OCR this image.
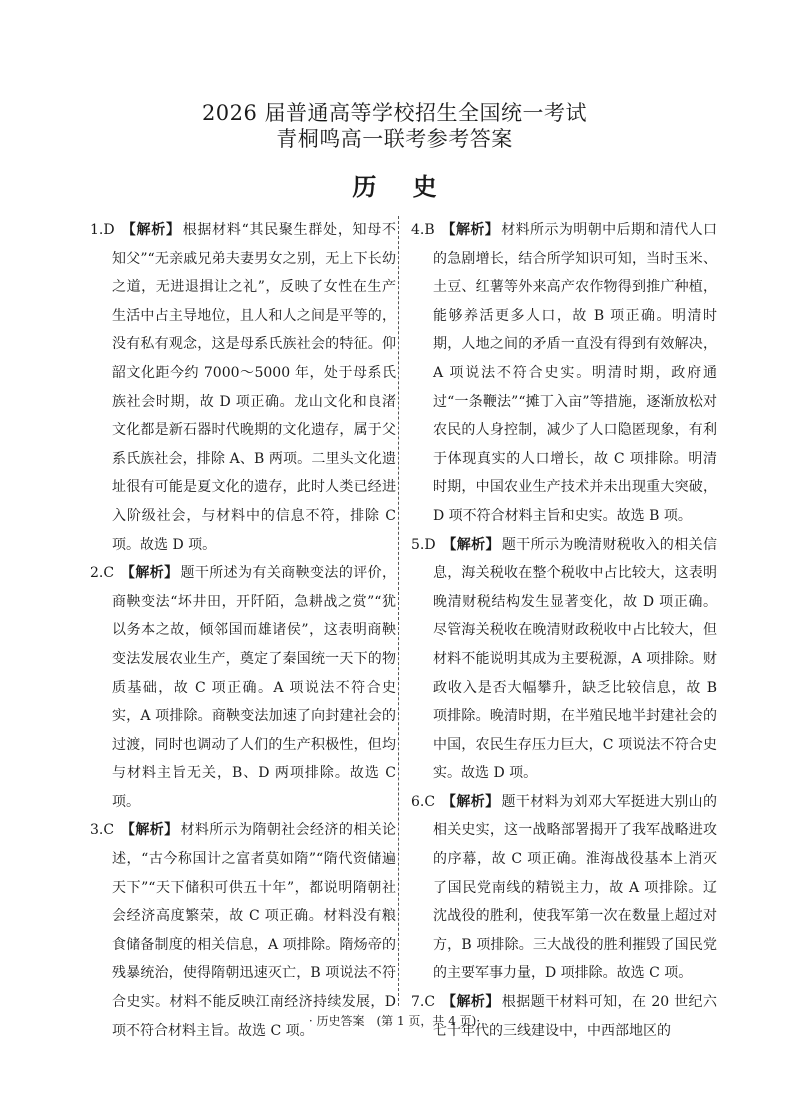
2026 届普通高等学校招生全国统一考试
青桐鸣高一联考参考答案
历 史

1.D 【解析】 根据材料“其民聚生群处，知母不知父”“无亲戚兄弟夫妻男女之别，无上下长幼之道，无进退揖让之礼”，反映了女性在生产生活中占主导地位，且人和人之间是平等的，没有私有观念，这是母系氏族社会的特征。仰韶文化距今约 7000～5000 年，处于母系氏族社会时期，故 D 项正确。龙山文化和良渚文化都是新石器时代晚期的文化遗存，属于父系氏族社会，排除 A、B 两项。二里头文化遗址很有可能是夏文化的遗存，此时人类已经进入阶级社会，与材料中的信息不符，排除 C 项。故选 D 项。

2.C 【解析】 题干所述为有关商鞅变法的评价，商鞅变法“坏井田，开阡陌，急耕战之赏”“犹以务本之故，倾邻国而雄诸侯”，这表明商鞅变法发展农业生产，奠定了秦国统一天下的物质基础，故 C 项正确。A 项说法不符合史实，A 项排除。商鞅变法加速了向封建社会的过渡，同时也调动了人们的生产积极性，但均与材料主旨无关，B、D 两项排除。故选 C 项。

3.C 【解析】 材料所示为隋朝社会经济的相关论述，“古今称国计之富者莫如隋”“隋代资储遍天下”“天下储积可供五十年”，都说明隋朝社会经济高度繁荣，故 C 项正确。材料没有粮食储备制度的相关信息，A 项排除。隋炀帝的残暴统治，使得隋朝迅速灭亡，B 项说法不符合史实。材料不能反映江南经济持续发展，D 项不符合材料主旨。故选 C 项。

4.B 【解析】 材料所示为明朝中后期和清代人口的急剧增长，结合所学知识可知，当时玉米、土豆、红薯等外来高产农作物得到推广种植，能够养活更多人口，故 B 项正确。明清时期，人地之间的矛盾一直没有得到有效解决，A 项说法不符合史实。明清时期，政府通过“一条鞭法”“摊丁入亩”等措施，逐渐放松对农民的人身控制，减少了人口隐匿现象，有利于体现真实的人口增长，故 C 项排除。明清时期，中国农业生产技术并未出现重大突破，D 项不符合材料主旨和史实。故选 B 项。

5.D 【解析】 题干所示为晚清财税收入的相关信息，海关税收在整个税收中占比较大，这表明晚清财税结构发生显著变化，故 D 项正确。尽管海关税收在晚清财政税收中占比较大，但材料不能说明其成为主要税源，A 项排除。财政收入是否大幅攀升，缺乏比较信息，故 B 项排除。晚清时期，在半殖民地半封建社会的中国，农民生存压力巨大，C 项说法不符合史实。故选 D 项。

6.C 【解析】 题干材料为刘邓大军挺进大别山的相关史实，这一战略部署揭开了我军战略进攻的序幕，故 C 项正确。淮海战役基本上消灭了国民党南线的精锐主力，故 A 项排除。辽沈战役的胜利，使我军第一次在数量上超过对方，B 项排除。三大战役的胜利摧毁了国民党的主要军事力量，D 项排除。故选 C 项。

7.C 【解析】 根据题干材料可知，在 20 世纪六七十年代的三线建设中，中西部地区的

· 历史答案　(第 1 页，共 4 页)·
